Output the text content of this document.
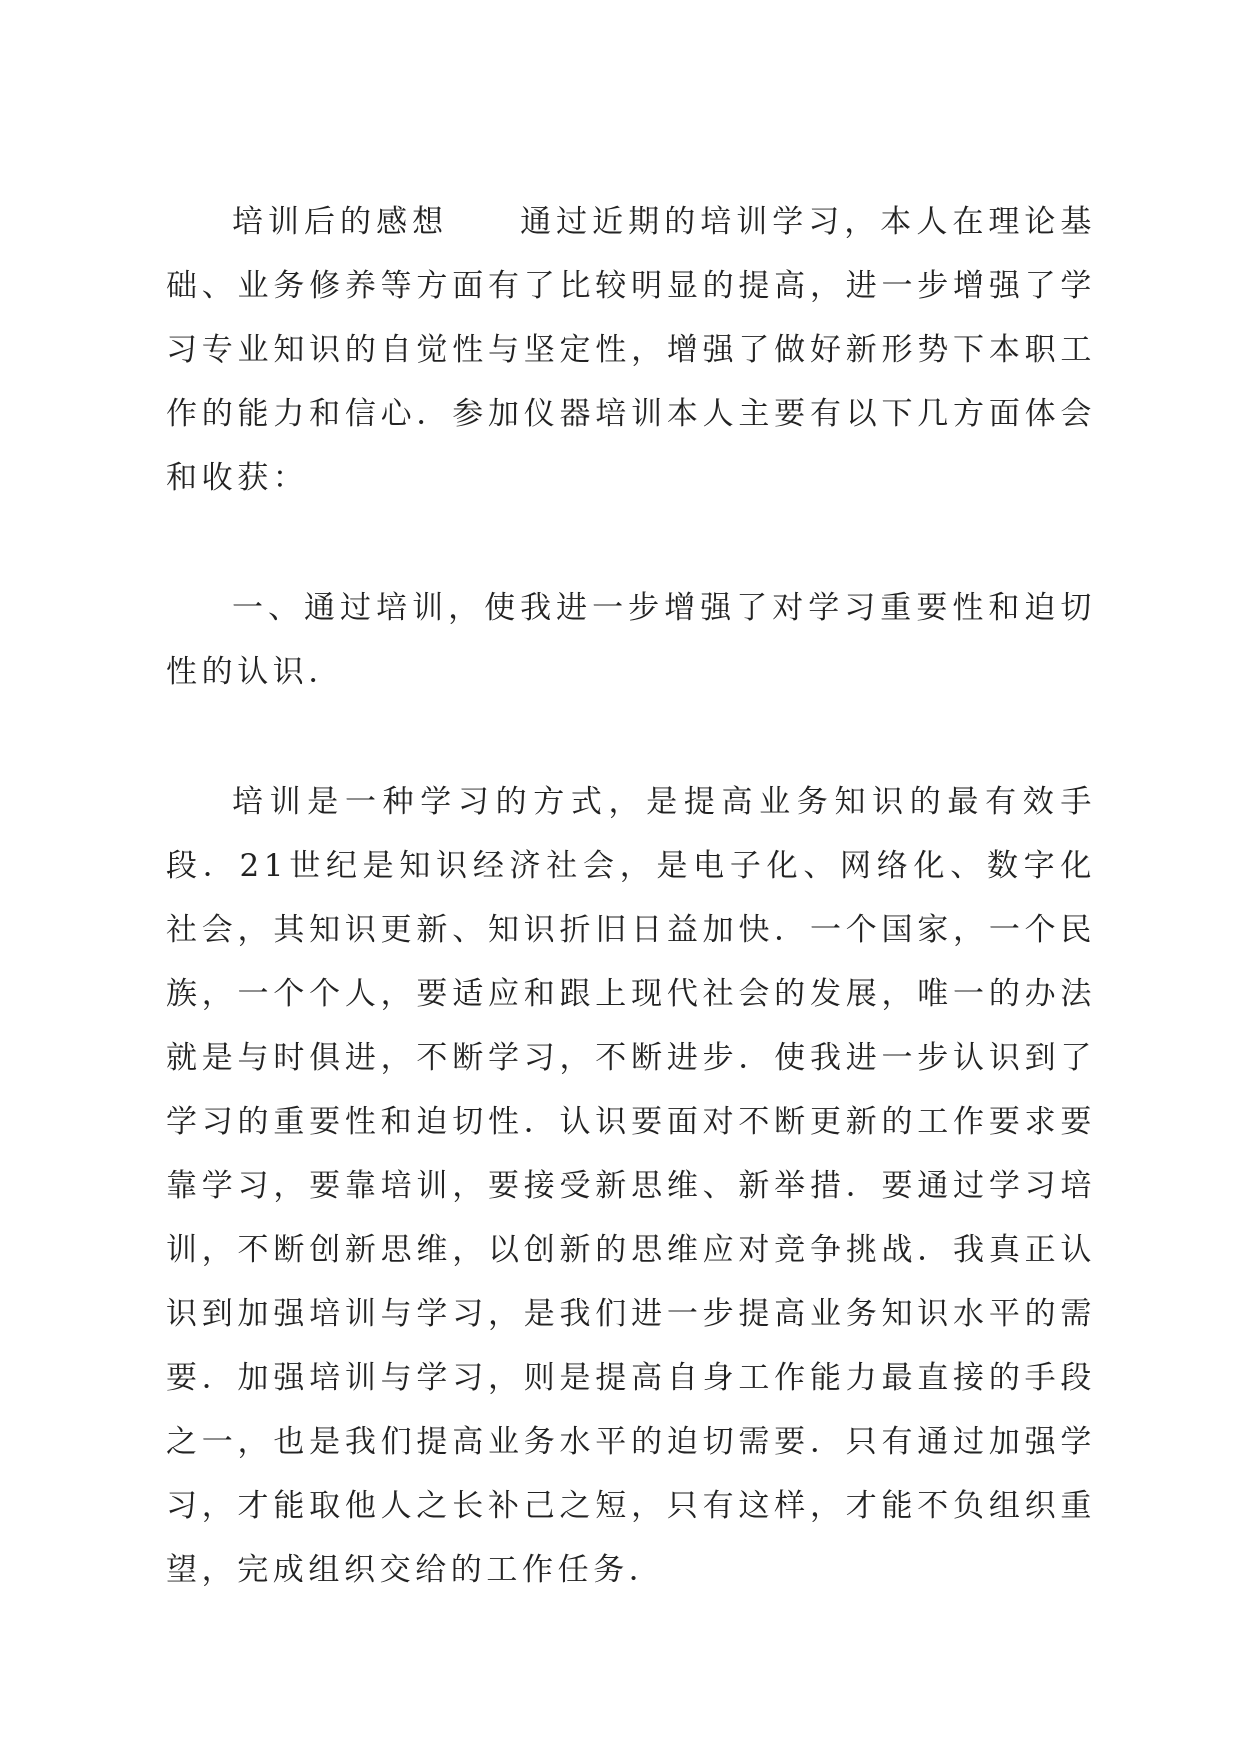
培训后的感想　　通过近期的培训学习，本人在理论基础、业务修养等方面有了比较明显的提高，进一步增强了学习专业知识的自觉性与坚定性，增强了做好新形势下本职工作的能力和信心．参加仪器培训本人主要有以下几方面体会和收获：

一、通过培训，使我进一步增强了对学习重要性和迫切性的认识．

培训是一种学习的方式，是提高业务知识的最有效手段．21世纪是知识经济社会，是电子化、网络化、数字化社会，其知识更新、知识折旧日益加快．一个国家，一个民族，一个个人，要适应和跟上现代社会的发展，唯一的办法就是与时俱进，不断学习，不断进步．使我进一步认识到了学习的重要性和迫切性．认识要面对不断更新的工作要求要靠学习，要靠培训，要接受新思维、新举措．要通过学习培训，不断创新思维，以创新的思维应对竞争挑战．我真正认识到加强培训与学习，是我们进一步提高业务知识水平的需要．加强培训与学习，则是提高自身工作能力最直接的手段之一，也是我们提高业务水平的迫切需要．只有通过加强学习，才能取他人之长补己之短，只有这样，才能不负组织重望，完成组织交给的工作任务．
